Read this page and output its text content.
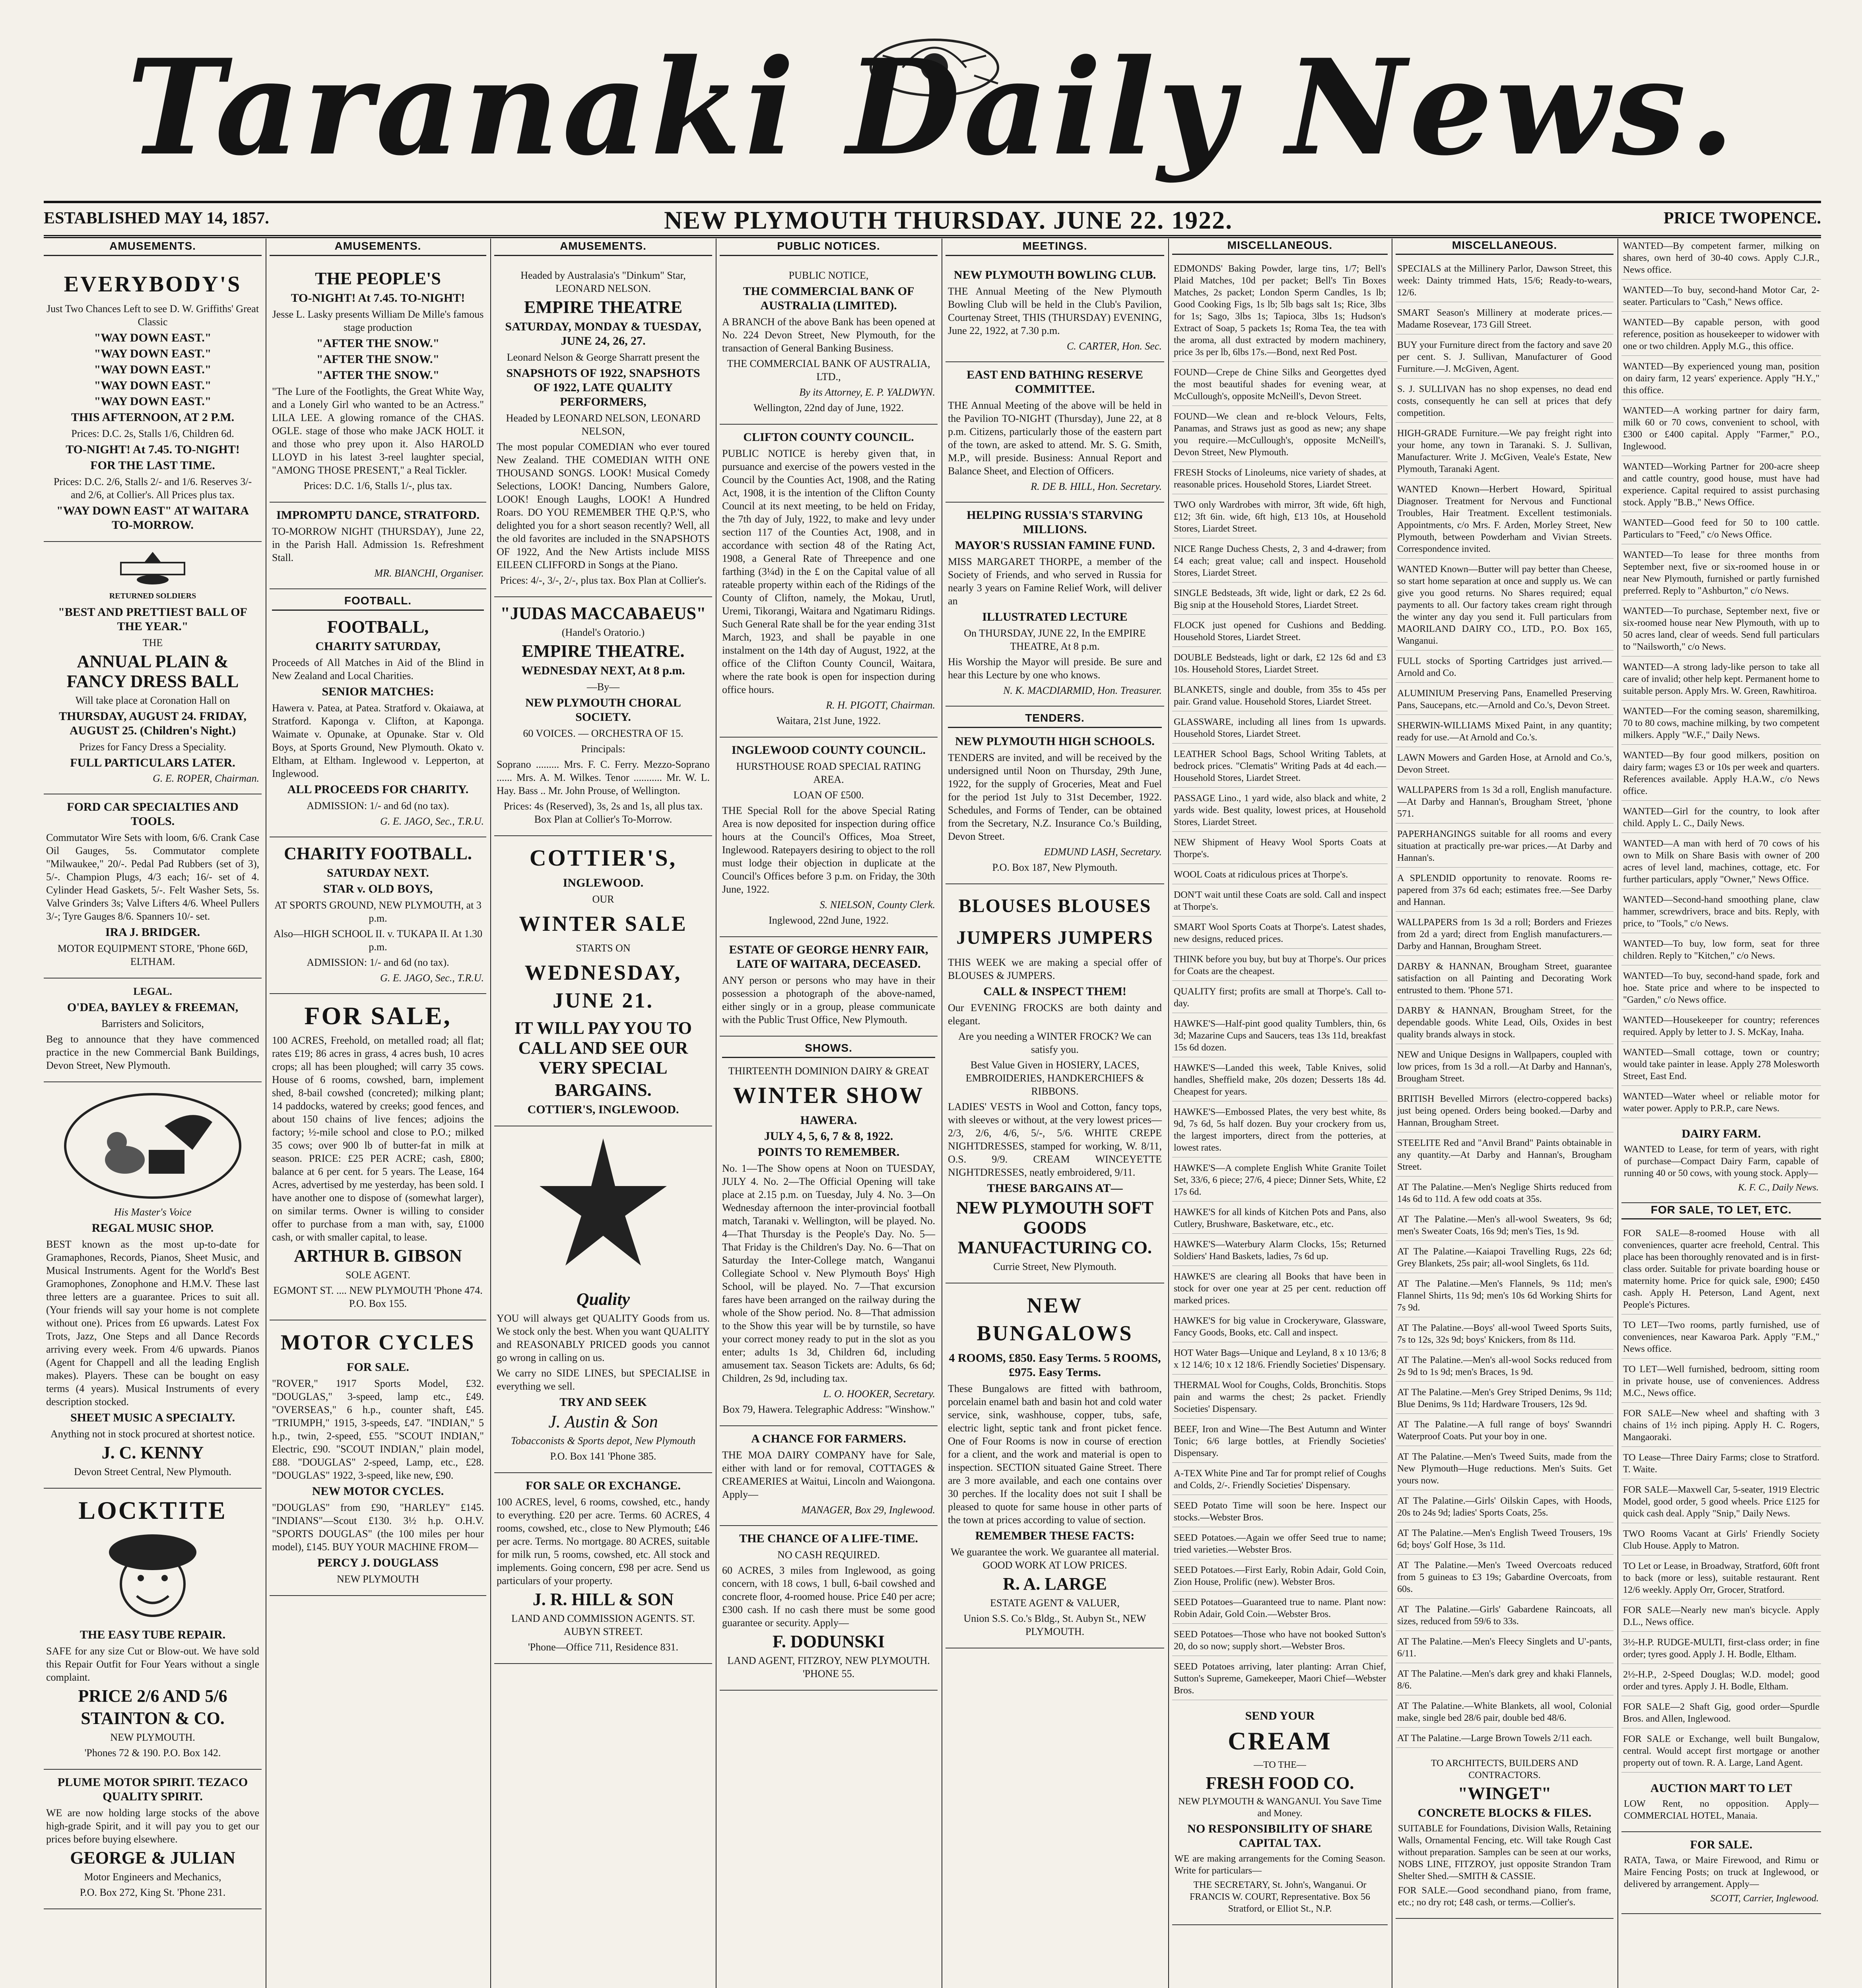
Taranaki Daily News.
ESTABLISHED MAY 14, 1857.	NEW PLYMOUTH THURSDAY. JUNE 22. 1922.	PRICE TWOPENCE.
AMUSEMENTS.
EVERYBODY'S
Just Two Chances Left to see D. W. Griffiths' Great Classic
"WAY DOWN EAST."
"WAY DOWN EAST."
"WAY DOWN EAST."
"WAY DOWN EAST."
"WAY DOWN EAST."
THIS AFTERNOON, AT 2 P.M.
Prices: D.C. 2s, Stalls 1/6, Children 6d.
TO-NIGHT! At 7.45. TO-NIGHT!
FOR THE LAST TIME.
Prices: D.C. 2/6, Stalls 2/- and 1/6. Reserves 3/- and 2/6, at Collier's. All Prices plus tax.
"WAY DOWN EAST" AT WAITARA TO-MORROW.
RETURNED SOLDIERS
"BEST AND PRETTIEST BALL OF THE YEAR."
THE
ANNUAL PLAIN & FANCY DRESS BALL
Will take place at Coronation Hall on
THURSDAY, AUGUST 24. FRIDAY, AUGUST 25. (Children's Night.)
Prizes for Fancy Dress a Speciality.
FULL PARTICULARS LATER.
G. E. ROPER, Chairman.
FORD CAR SPECIALTIES AND TOOLS.

Commutator Wire Sets with loom, 6/6. Crank Case Oil Gauges, 5s. Commutator complete "Milwaukee," 20/-. Pedal Pad Rubbers (set of 3), 5/-. Champion Plugs, 4/3 each; 16/- set of 4. Cylinder Head Gaskets, 5/-. Felt Washer Sets, 5s. Valve Grinders 3s; Valve Lifters 4/6. Wheel Pullers 3/-; Tyre Gauges 8/6. Spanners 10/- set.

IRA J. BRIDGER.
MOTOR EQUIPMENT STORE, 'Phone 66D, ELTHAM.
LEGAL.
O'DEA, BAYLEY & FREEMAN,
Barristers and Solicitors,

Beg to announce that they have commenced practice in the new Commercial Bank Buildings, Devon Street, New Plymouth.

His Master's Voice
REGAL MUSIC SHOP.

BEST known as the most up-to-date for Gramaphones, Records, Pianos, Sheet Music, and Musical Instruments. Agent for the World's Best Gramophones, Zonophone and H.M.V. These last three letters are a guarantee. Prices to suit all. (Your friends will say your home is not complete without one). Prices from £6 upwards. Latest Fox Trots, Jazz, One Steps and all Dance Records arriving every week. From 4/6 upwards. Pianos (Agent for Chappell and all the leading English makes). Players. These can be bought on easy terms (4 years). Musical Instruments of every description stocked.

SHEET MUSIC A SPECIALTY.
Anything not in stock procured at shortest notice.
J. C. KENNY
Devon Street Central, New Plymouth.
LOCKTITE
THE EASY TUBE REPAIR.

SAFE for any size Cut or Blow-out. We have sold this Repair Outfit for Four Years without a single complaint.

PRICE 2/6 AND 5/6
STAINTON & CO.
NEW PLYMOUTH.
'Phones 72 & 190. P.O. Box 142.
PLUME MOTOR SPIRIT. TEZACO QUALITY SPIRIT.

WE are now holding large stocks of the above high-grade Spirit, and it will pay you to get our prices before buying elsewhere.

GEORGE & JULIAN
Motor Engineers and Mechanics,
P.O. Box 272, King St. 'Phone 231.
AMUSEMENTS.
THE PEOPLE'S
TO-NIGHT! At 7.45. TO-NIGHT!
Jesse L. Lasky presents William De Mille's famous stage production
"AFTER THE SNOW."
"AFTER THE SNOW."
"AFTER THE SNOW."

"The Lure of the Footlights, the Great White Way, and a Lonely Girl who wanted to be an Actress." LILA LEE. A glowing romance of the CHAS. OGLE. stage of those who make JACK HOLT. it and those who prey upon it. Also HAROLD LLOYD in his latest 3-reel laughter special, "AMONG THOSE PRESENT," a Real Tickler.

Prices: D.C. 1/6, Stalls 1/-, plus tax.
IMPROMPTU DANCE, STRATFORD.

TO-MORROW NIGHT (THURSDAY), June 22, in the Parish Hall. Admission 1s. Refreshment Stall.

MR. BIANCHI, Organiser.
FOOTBALL.
FOOTBALL,
CHARITY SATURDAY,

Proceeds of All Matches in Aid of the Blind in New Zealand and Local Charities.

SENIOR MATCHES:

Hawera v. Patea, at Patea. Stratford v. Okaiawa, at Stratford. Kaponga v. Clifton, at Kaponga. Waimate v. Opunake, at Opunake. Star v. Old Boys, at Sports Ground, New Plymouth. Okato v. Eltham, at Eltham. Inglewood v. Lepperton, at Inglewood.

ALL PROCEEDS FOR CHARITY.
ADMISSION: 1/- and 6d (no tax).
G. E. JAGO, Sec., T.R.U.
CHARITY FOOTBALL.
SATURDAY NEXT.
STAR v. OLD BOYS,
AT SPORTS GROUND, NEW PLYMOUTH, at 3 p.m.
Also—HIGH SCHOOL II. v. TUKAPA II. At 1.30 p.m.
ADMISSION: 1/- and 6d (no tax).
G. E. JAGO, Sec., T.R.U.
FOR SALE,

100 ACRES, Freehold, on metalled road; all flat; rates £19; 86 acres in grass, 4 acres bush, 10 acres crops; all has been ploughed; will carry 35 cows. House of 6 rooms, cowshed, barn, implement shed, 8-bail cowshed (concreted); milking plant; 14 paddocks, watered by creeks; good fences, and about 150 chains of live fences; adjoins the factory; ½-mile school and close to P.O.; milked 35 cows; over 900 lb of butter-fat in milk at season. PRICE: £25 PER ACRE; cash, £800; balance at 6 per cent. for 5 years. The Lease, 164 Acres, advertised by me yesterday, has been sold. I have another one to dispose of (somewhat larger), on similar terms. Owner is willing to consider offer to purchase from a man with, say, £1000 cash, or with smaller capital, to lease.

ARTHUR B. GIBSON
SOLE AGENT.
EGMONT ST. .... NEW PLYMOUTH 'Phone 474. P.O. Box 155.
MOTOR CYCLES
FOR SALE.

"ROVER," 1917 Sports Model, £32. "DOUGLAS," 3-speed, lamp etc., £49. "OVERSEAS," 6 h.p., counter shaft, £45. "TRIUMPH," 1915, 3-speeds, £47. "INDIAN," 5 h.p., twin, 2-speed, £55. "SCOUT INDIAN," Electric, £90. "SCOUT INDIAN," plain model, £88. "DOUGLAS" 2-speed, Lamp, etc., £28. "DOUGLAS" 1922, 3-speed, like new, £90.

NEW MOTOR CYCLES.

"DOUGLAS" from £90, "HARLEY" £145. "INDIANS"—Scout £130. 3½ h.p. O.H.V. "SPORTS DOUGLAS" (the 100 miles per hour model), £145. BUY YOUR MACHINE FROM—

PERCY J. DOUGLASS
NEW PLYMOUTH
AMUSEMENTS.
Headed by Australasia's "Dinkum" Star, LEONARD NELSON.
EMPIRE THEATRE
SATURDAY, MONDAY & TUESDAY, JUNE 24, 26, 27.
Leonard Nelson & George Sharratt present the
SNAPSHOTS OF 1922, SNAPSHOTS OF 1922, LATE QUALITY PERFORMERS,
Headed by LEONARD NELSON, LEONARD NELSON,

The most popular COMEDIAN who ever toured New Zealand. THE COMEDIAN WITH ONE THOUSAND SONGS. LOOK! Musical Comedy Selections, LOOK! Dancing, Numbers Galore, LOOK! Enough Laughs, LOOK! A Hundred Roars. DO YOU REMEMBER THE Q.P.'S, who delighted you for a short season recently? Well, all the old favorites are included in the SNAPSHOTS OF 1922, And the New Artists include MISS EILEEN CLIFFORD in Songs at the Piano.

Prices: 4/-, 3/-, 2/-, plus tax. Box Plan at Collier's.
"JUDAS MACCABAEUS"
(Handel's Oratorio.)
EMPIRE THEATRE.
WEDNESDAY NEXT, At 8 p.m.
—By—
NEW PLYMOUTH CHORAL SOCIETY.
60 VOICES. — ORCHESTRA OF 15.
Principals:

Soprano ......... Mrs. F. C. Ferry. Mezzo-Soprano ...... Mrs. A. M. Wilkes. Tenor ........... Mr. W. L. Hay. Bass .. Mr. John Prouse, of Wellington.

Prices: 4s (Reserved), 3s, 2s and 1s, all plus tax. Box Plan at Collier's To-Morrow.
COTTIER'S,
INGLEWOOD.
OUR
WINTER SALE
STARTS ON
WEDNESDAY, JUNE 21.
IT WILL PAY YOU TO CALL AND SEE OUR VERY SPECIAL
BARGAINS.
COTTIER'S, INGLEWOOD.
Quality

YOU will always get QUALITY Goods from us. We stock only the best. When you want QUALITY and REASONABLY PRICED goods you cannot go wrong in calling on us.

We carry no SIDE LINES, but SPECIALISE in everything we sell.

TRY AND SEEK
J. Austin & Son
Tobacconists & Sports depot, New Plymouth
P.O. Box 141 'Phone 385.
FOR SALE OR EXCHANGE.

100 ACRES, level, 6 rooms, cowshed, etc., handy to everything. £20 per acre. Terms. 60 ACRES, 4 rooms, cowshed, etc., close to New Plymouth; £46 per acre. Terms. No mortgage. 80 ACRES, suitable for milk run, 5 rooms, cowshed, etc. All stock and implements. Going concern, £98 per acre. Send us particulars of your property.

J. R. HILL & SON
LAND AND COMMISSION AGENTS. ST. AUBYN STREET.
'Phone—Office 711, Residence 831.
PUBLIC NOTICES.
PUBLIC NOTICE,
THE COMMERCIAL BANK OF AUSTRALIA (LIMITED).

A BRANCH of the above Bank has been opened at No. 224 Devon Street, New Plymouth, for the transaction of General Banking Business.

THE COMMERCIAL BANK OF AUSTRALIA, LTD.,
By its Attorney, E. P. YALDWYN.
Wellington, 22nd day of June, 1922.
CLIFTON COUNTY COUNCIL.

PUBLIC NOTICE is hereby given that, in pursuance and exercise of the powers vested in the Council by the Counties Act, 1908, and the Rating Act, 1908, it is the intention of the Clifton County Council at its next meeting, to be held on Friday, the 7th day of July, 1922, to make and levy under section 117 of the Counties Act, 1908, and in accordance with section 48 of the Rating Act, 1908, a General Rate of Threepence and one farthing (3¼d) in the £ on the Capital value of all rateable property within each of the Ridings of the County of Clifton, namely, the Mokau, Urutl, Uremi, Tikorangi, Waitara and Ngatimaru Ridings. Such General Rate shall be for the year ending 31st March, 1923, and shall be payable in one instalment on the 14th day of August, 1922, at the office of the Clifton County Council, Waitara, where the rate book is open for inspection during office hours.

R. H. PIGOTT, Chairman.
Waitara, 21st June, 1922.
INGLEWOOD COUNTY COUNCIL.
HURSTHOUSE ROAD SPECIAL RATING AREA.
LOAN OF £500.

THE Special Roll for the above Special Rating Area is now deposited for inspection during office hours at the Council's Offices, Moa Street, Inglewood. Ratepayers desiring to object to the roll must lodge their objection in duplicate at the Council's Offices before 3 p.m. on Friday, the 30th June, 1922.

S. NIELSON, County Clerk.
Inglewood, 22nd June, 1922.
ESTATE OF GEORGE HENRY FAIR, LATE OF WAITARA, DECEASED.

ANY person or persons who may have in their possession a photograph of the above-named, either singly or in a group, please communicate with the Public Trust Office, New Plymouth.

SHOWS.
THIRTEENTH DOMINION DAIRY & GREAT
WINTER SHOW
HAWERA.
JULY 4, 5, 6, 7 & 8, 1922.
POINTS TO REMEMBER.

No. 1—The Show opens at Noon on TUESDAY, JULY 4. No. 2—The Official Opening will take place at 2.15 p.m. on Tuesday, July 4. No. 3—On Wednesday afternoon the inter-provincial football match, Taranaki v. Wellington, will be played. No. 4—That Thursday is the People's Day. No. 5—That Friday is the Children's Day. No. 6—That on Saturday the Inter-College match, Wanganui Collegiate School v. New Plymouth Boys' High School, will be played. No. 7—That excursion fares have been arranged on the railway during the whole of the Show period. No. 8—That admission to the Show this year will be by turnstile, so have your correct money ready to put in the slot as you enter; adults 1s 3d, Children 6d, including amusement tax. Season Tickets are: Adults, 6s 6d; Children, 2s 9d, including tax.

L. O. HOOKER, Secretary.
Box 79, Hawera. Telegraphic Address: "Winshow."
A CHANCE FOR FARMERS.

THE MOA DAIRY COMPANY have for Sale, either with land or for removal, COTTAGES & CREAMERIES at Waitui, Lincoln and Waiongona. Apply—

MANAGER, Box 29, Inglewood.
THE CHANCE OF A LIFE-TIME.
NO CASH REQUIRED.

60 ACRES, 3 miles from Inglewood, as going concern, with 18 cows, 1 bull, 6-bail cowshed and concrete floor, 4-roomed house. Price £40 per acre; £300 cash. If no cash there must be some good guarantee or security. Apply—

F. DODUNSKI
LAND AGENT, FITZROY, NEW PLYMOUTH. 'PHONE 55.
MEETINGS.
NEW PLYMOUTH BOWLING CLUB.

THE Annual Meeting of the New Plymouth Bowling Club will be held in the Club's Pavilion, Courtenay Street, THIS (THURSDAY) EVENING, June 22, 1922, at 7.30 p.m.

C. CARTER, Hon. Sec.
EAST END BATHING RESERVE COMMITTEE.

THE Annual Meeting of the above will be held in the Pavilion TO-NIGHT (Thursday), June 22, at 8 p.m. Citizens, particularly those of the eastern part of the town, are asked to attend. Mr. S. G. Smith, M.P., will preside. Business: Annual Report and Balance Sheet, and Election of Officers.

R. DE B. HILL, Hon. Secretary.
HELPING RUSSIA'S STARVING MILLIONS.
MAYOR'S RUSSIAN FAMINE FUND.

MISS MARGARET THORPE, a member of the Society of Friends, and who served in Russia for nearly 3 years on Famine Relief Work, will deliver an

ILLUSTRATED LECTURE
On THURSDAY, JUNE 22, In the EMPIRE THEATRE, At 8 p.m.

His Worship the Mayor will preside. Be sure and hear this Lecture by one who knows.

N. K. MACDIARMID, Hon. Treasurer.
TENDERS.
NEW PLYMOUTH HIGH SCHOOLS.

TENDERS are invited, and will be received by the undersigned until Noon on Thursday, 29th June, 1922, for the supply of Groceries, Meat and Fuel for the period 1st July to 31st December, 1922. Schedules, and Forms of Tender, can be obtained from the Secretary, N.Z. Insurance Co.'s Building, Devon Street.

EDMUND LASH, Secretary.
P.O. Box 187, New Plymouth.
BLOUSES BLOUSES
JUMPERS JUMPERS

THIS WEEK we are making a special offer of BLOUSES & JUMPERS.

CALL & INSPECT THEM!

Our EVENING FROCKS are both dainty and elegant.

Are you needing a WINTER FROCK? We can satisfy you.
Best Value Given in HOSIERY, LACES, EMBROIDERIES, HANDKERCHIEFS & RIBBONS.

LADIES' VESTS in Wool and Cotton, fancy tops, with sleeves or without, at the very lowest prices—2/3, 2/6, 4/6, 5/-, 5/6. WHITE CREPE NIGHTDRESSES, stamped for working, W. 8/11, O.S. 9/9. CREAM WINCEYETTE NIGHTDRESSES, neatly embroidered, 9/11.

THESE BARGAINS AT—
NEW PLYMOUTH SOFT GOODS MANUFACTURING CO.
Currie Street, New Plymouth.
NEW BUNGALOWS
4 ROOMS, £850. Easy Terms. 5 ROOMS, £975. Easy Terms.

These Bungalows are fitted with bathroom, porcelain enamel bath and basin hot and cold water service, sink, washhouse, copper, tubs, safe, electric light, septic tank and front picket fence. One of Four Rooms is now in course of erection for a client, and the work and material is open to inspection. SECTION situated Gaine Street. There are 3 more available, and each one contains over 30 perches. If the locality does not suit I shall be pleased to quote for same house in other parts of the town at prices according to value of section.

REMEMBER THESE FACTS:
We guarantee the work. We guarantee all material. GOOD WORK AT LOW PRICES.
R. A. LARGE
ESTATE AGENT & VALUER,
Union S.S. Co.'s Bldg., St. Aubyn St., NEW PLYMOUTH.
MISCELLANEOUS.
EDMONDS' Baking Powder, large tins, 1/7; Bell's Plaid Matches, 10d per packet; Bell's Tin Boxes Matches, 2s packet; London Sperm Candles, 1s lb; Good Cooking Figs, 1s lb; 5lb bags salt 1s; Rice, 3lbs for 1s; Sago, 3lbs 1s; Tapioca, 3lbs 1s; Hudson's Extract of Soap, 5 packets 1s; Roma Tea, the tea with the aroma, all dust extracted by modern machinery, price 3s per lb, 6lbs 17s.—Bond, next Red Post.
FOUND—Crepe de Chine Silks and Georgettes dyed the most beautiful shades for evening wear, at McCullough's, opposite McNeill's, Devon Street.
FOUND—We clean and re-block Velours, Felts, Panamas, and Straws just as good as new; any shape you require.—McCullough's, opposite McNeill's, Devon Street, New Plymouth.
FRESH Stocks of Linoleums, nice variety of shades, at reasonable prices. Household Stores, Liardet Street.
TWO only Wardrobes with mirror, 3ft wide, 6ft high, £12; 3ft 6in. wide, 6ft high, £13 10s, at Household Stores, Liardet Street.
NICE Range Duchess Chests, 2, 3 and 4-drawer; from £4 each; great value; call and inspect. Household Stores, Liardet Street.
SINGLE Bedsteads, 3ft wide, light or dark, £2 2s 6d. Big snip at the Household Stores, Liardet Street.
FLOCK just opened for Cushions and Bedding. Household Stores, Liardet Street.
DOUBLE Bedsteads, light or dark, £2 12s 6d and £3 10s. Household Stores, Liardet Street.
BLANKETS, single and double, from 35s to 45s per pair. Grand value. Household Stores, Liardet Street.
GLASSWARE, including all lines from 1s upwards. Household Stores, Liardet Street.
LEATHER School Bags, School Writing Tablets, at bedrock prices. "Clematis" Writing Pads at 4d each.—Household Stores, Liardet Street.
PASSAGE Lino., 1 yard wide, also black and white, 2 yards wide. Best quality, lowest prices, at Household Stores, Liardet Street.
NEW Shipment of Heavy Wool Sports Coats at Thorpe's.
WOOL Coats at ridiculous prices at Thorpe's.
DON'T wait until these Coats are sold. Call and inspect at Thorpe's.
SMART Wool Sports Coats at Thorpe's. Latest shades, new designs, reduced prices.
THINK before you buy, but buy at Thorpe's. Our prices for Coats are the cheapest.
QUALITY first; profits are small at Thorpe's. Call to-day.
HAWKE'S—Half-pint good quality Tumblers, thin, 6s 3d; Mazarine Cups and Saucers, teas 13s 11d, breakfast 15s 6d dozen.
HAWKE'S—Landed this week, Table Knives, solid handles, Sheffield make, 20s dozen; Desserts 18s 4d. Cheapest for years.
HAWKE'S—Embossed Plates, the very best white, 8s 9d, 7s 6d, 5s half dozen. Buy your crockery from us, the largest importers, direct from the potteries, at lowest rates.
HAWKE'S—A complete English White Granite Toilet Set, 33/6, 6 piece; 27/6, 4 piece; Dinner Sets, White, £2 17s 6d.
HAWKE'S for all kinds of Kitchen Pots and Pans, also Cutlery, Brushware, Basketware, etc., etc.
HAWKE'S—Waterbury Alarm Clocks, 15s; Returned Soldiers' Hand Baskets, ladies, 7s 6d up.
HAWKE'S are clearing all Books that have been in stock for over one year at 25 per cent. reduction off marked prices.
HAWKE'S for big value in Crockeryware, Glassware, Fancy Goods, Books, etc. Call and inspect.
HOT Water Bags—Unique and Leyland, 8 x 10 13/6; 8 x 12 14/6; 10 x 12 18/6. Friendly Societies' Dispensary.
THERMAL Wool for Coughs, Colds, Bronchitis. Stops pain and warms the chest; 2s packet. Friendly Societies' Dispensary.
BEEF, Iron and Wine—The Best Autumn and Winter Tonic; 6/6 large bottles, at Friendly Societies' Dispensary.
A-TEX White Pine and Tar for prompt relief of Coughs and Colds, 2/-. Friendly Societies' Dispensary.
SEED Potato Time will soon be here. Inspect our stocks.—Webster Bros.
SEED Potatoes.—Again we offer Seed true to name; tried varieties.—Webster Bros.
SEED Potatoes.—First Early, Robin Adair, Gold Coin, Zion House, Prolific (new). Webster Bros.
SEED Potatoes—Guaranteed true to name. Plant now: Robin Adair, Gold Coin.—Webster Bros.
SEED Potatoes—Those who have not booked Sutton's 20, do so now; supply short.—Webster Bros.
SEED Potatoes arriving, later planting: Arran Chief, Sutton's Supreme, Gamekeeper, Maori Chief—Webster Bros.
SEND YOUR
CREAM
—TO THE—
FRESH FOOD CO.
NEW PLYMOUTH & WANGANUI. You Save Time and Money.
NO RESPONSIBILITY OF SHARE CAPITAL TAX.

WE are making arrangements for the Coming Season. Write for particulars—

THE SECRETARY, St. John's, Wanganui. Or FRANCIS W. COURT, Representative. Box 56 Stratford, or Elliot St., N.P.
MISCELLANEOUS.
SPECIALS at the Millinery Parlor, Dawson Street, this week: Dainty trimmed Hats, 15/6; Ready-to-wears, 12/6.
SMART Season's Millinery at moderate prices.—Madame Rosevear, 173 Gill Street.
BUY your Furniture direct from the factory and save 20 per cent. S. J. Sullivan, Manufacturer of Good Furniture.—J. McGiven, Agent.
S. J. SULLIVAN has no shop expenses, no dead end costs, consequently he can sell at prices that defy competition.
HIGH-GRADE Furniture.—We pay freight right into your home, any town in Taranaki. S. J. Sullivan, Manufacturer. Write J. McGiven, Veale's Estate, New Plymouth, Taranaki Agent.
WANTED Known—Herbert Howard, Spiritual Diagnoser. Treatment for Nervous and Functional Troubles, Hair Treatment. Excellent testimonials. Appointments, c/o Mrs. F. Arden, Morley Street, New Plymouth, between Powderham and Vivian Streets. Correspondence invited.
WANTED Known—Butter will pay better than Cheese, so start home separation at once and supply us. We can give you good returns. No Shares required; equal payments to all. Our factory takes cream right through the winter any day you send it. Full particulars from MAORILAND DAIRY CO., LTD., P.O. Box 165, Wanganui.
FULL stocks of Sporting Cartridges just arrived.—Arnold and Co.
ALUMINIUM Preserving Pans, Enamelled Preserving Pans, Saucepans, etc.—Arnold and Co.'s, Devon Street.
SHERWIN-WILLIAMS Mixed Paint, in any quantity; ready for use.—At Arnold and Co.'s.
LAWN Mowers and Garden Hose, at Arnold and Co.'s, Devon Street.
WALLPAPERS from 1s 3d a roll, English manufacture.—At Darby and Hannan's, Brougham Street, 'phone 571.
PAPERHANGINGS suitable for all rooms and every situation at practically pre-war prices.—At Darby and Hannan's.
A SPLENDID opportunity to renovate. Rooms re-papered from 37s 6d each; estimates free.—See Darby and Hannan.
WALLPAPERS from 1s 3d a roll; Borders and Friezes from 2d a yard; direct from English manufacturers.—Darby and Hannan, Brougham Street.
DARBY & HANNAN, Brougham Street, guarantee satisfaction on all Painting and Decorating Work entrusted to them. 'Phone 571.
DARBY & HANNAN, Brougham Street, for the dependable goods. White Lead, Oils, Oxides in best quality brands always in stock.
NEW and Unique Designs in Wallpapers, coupled with low prices, from 1s 3d a roll.—At Darby and Hannan's, Brougham Street.
BRITISH Bevelled Mirrors (electro-coppered backs) just being opened. Orders being booked.—Darby and Hannan, Brougham Street.
STEELITE Red and "Anvil Brand" Paints obtainable in any quantity.—At Darby and Hannan's, Brougham Street.
AT The Palatine.—Men's Neglige Shirts reduced from 14s 6d to 11d. A few odd coats at 35s.
AT The Palatine.—Men's all-wool Sweaters, 9s 6d; men's Sweater Coats, 16s 9d; men's Ties, 1s 9d.
AT The Palatine.—Kaiapoi Travelling Rugs, 22s 6d; Grey Blankets, 25s pair; all-wool Singlets, 6s 11d.
AT The Palatine.—Men's Flannels, 9s 11d; men's Flannel Shirts, 11s 9d; men's 10s 6d Working Shirts for 7s 9d.
AT The Palatine.—Boys' all-wool Tweed Sports Suits, 7s to 12s, 32s 9d; boys' Knickers, from 8s 11d.
AT The Palatine.—Men's all-wool Socks reduced from 2s 9d to 1s 9d; men's Braces, 1s 9d.
AT The Palatine.—Men's Grey Striped Denims, 9s 11d; Blue Denims, 9s 11d; Hardware Trousers, 12s 9d.
AT The Palatine.—A full range of boys' Swanndri Waterproof Coats. Put your boy in one.
AT The Palatine.—Men's Tweed Suits, made from the New Plymouth—Huge reductions. Men's Suits. Get yours now.
AT The Palatine.—Girls' Oilskin Capes, with Hoods, 20s to 24s 9d; ladies' Sports Coats, 25s.
AT The Palatine.—Men's English Tweed Trousers, 19s 6d; boys' Golf Hose, 3s 11d.
AT The Palatine.—Men's Tweed Overcoats reduced from 5 guineas to £3 19s; Gabardine Overcoats, from 60s.
AT The Palatine.—Girls' Gabardene Raincoats, all sizes, reduced from 59/6 to 33s.
AT The Palatine.—Men's Fleecy Singlets and U'-pants, 6/11.
AT The Palatine.—Men's dark grey and khaki Flannels, 8/6.
AT The Palatine.—White Blankets, all wool, Colonial make, single bed 28/6 pair, double bed 48/6.
AT The Palatine.—Large Brown Towels 2/11 each.
TO ARCHITECTS, BUILDERS AND CONTRACTORS.
"WINGET"
CONCRETE BLOCKS & FILES.

SUITABLE for Foundations, Division Walls, Retaining Walls, Ornamental Fencing, etc. Will take Rough Cast without preparation. Samples can be seen at our works, NOBS LINE, FITZROY, just opposite Strandon Tram Shelter Shed.—SMITH & CASSIE.

FOR SALE.—Good secondhand piano, from frame, etc.; no dry rot; £48 cash, or terms.—Collier's.

WANTED—By competent farmer, milking on shares, own herd of 30-40 cows. Apply C.J.R., News office.
WANTED—To buy, second-hand Motor Car, 2-seater. Particulars to "Cash," News office.
WANTED—By capable person, with good reference, position as housekeeper to widower with one or two children. Apply M.G., this office.
WANTED—By experienced young man, position on dairy farm, 12 years' experience. Apply "H.Y.," this office.
WANTED—A working partner for dairy farm, milk 60 or 70 cows, convenient to school, with £300 or £400 capital. Apply "Farmer," P.O., Inglewood.
WANTED—Working Partner for 200-acre sheep and cattle country, good house, must have had experience. Capital required to assist purchasing stock. Apply "B.B.," News Office.
WANTED—Good feed for 50 to 100 cattle. Particulars to "Feed," c/o News Office.
WANTED—To lease for three months from September next, five or six-roomed house in or near New Plymouth, furnished or partly furnished preferred. Reply to "Ashburton," c/o News.
WANTED—To purchase, September next, five or six-roomed house near New Plymouth, with up to 50 acres land, clear of weeds. Send full particulars to "Nailsworth," c/o News.
WANTED—A strong lady-like person to take all care of invalid; other help kept. Permanent home to suitable person. Apply Mrs. W. Green, Rawhitiroa.
WANTED—For the coming season, sharemilking, 70 to 80 cows, machine milking, by two competent milkers. Apply "W.F.," Daily News.
WANTED—By four good milkers, position on dairy farm; wages £3 or 10s per week and quarters. References available. Apply H.A.W., c/o News office.
WANTED—Girl for the country, to look after child. Apply L. C., Daily News.
WANTED—A man with herd of 70 cows of his own to Milk on Share Basis with owner of 200 acres of level land, machines, cottage, etc. For further particulars, apply "Owner," News Office.
WANTED—Second-hand smoothing plane, claw hammer, screwdrivers, brace and bits. Reply, with price, to "Tools," c/o News.
WANTED—To buy, low form, seat for three children. Reply to "Kitchen," c/o News.
WANTED—To buy, second-hand spade, fork and hoe. State price and where to be inspected to "Garden," c/o News office.
WANTED—Housekeeper for country; references required. Apply by letter to J. S. McKay, Inaha.
WANTED—Small cottage, town or country; would take painter in lease. Apply 278 Molesworth Street, East End.
WANTED—Water wheel or reliable motor for water power. Apply to P.R.P., care News.
DAIRY FARM.

WANTED to Lease, for term of years, with right of purchase—Compact Dairy Farm, capable of running 40 or 50 cows, with young stock. Apply—

K. F. C., Daily News.
FOR SALE, TO LET, ETC.
FOR SALE—8-roomed House with all conveniences, quarter acre freehold, Central. This place has been thoroughly renovated and is in first-class order. Suitable for private boarding house or maternity home. Price for quick sale, £900; £450 cash. Apply H. Peterson, Land Agent, next People's Pictures.
TO LET—Two rooms, partly furnished, use of conveniences, near Kawaroa Park. Apply "F.M.," News office.
TO LET—Well furnished, bedroom, sitting room in private house, use of conveniences. Address M.C., News office.
FOR SALE—New wheel and shafting with 3 chains of 1½ inch piping. Apply H. C. Rogers, Mangaoraki.
TO Lease—Three Dairy Farms; close to Stratford. T. Waite.
FOR SALE—Maxwell Car, 5-seater, 1919 Electric Model, good order, 5 good wheels. Price £125 for quick cash deal. Apply "Snip," Daily News.
TWO Rooms Vacant at Girls' Friendly Society Club House. Apply to Matron.
TO Let or Lease, in Broadway, Stratford, 60ft front to back (more or less), suitable restaurant. Rent 12/6 weekly. Apply Orr, Grocer, Stratford.
FOR SALE—Nearly new man's bicycle. Apply D.L., News office.
3½-H.P. RUDGE-MULTI, first-class order; in fine order; tyres good. Apply J. H. Bodle, Eltham.
2½-H.P., 2-Speed Douglas; W.D. model; good order and tyres. Apply J. H. Bodle, Eltham.
FOR SALE—2 Shaft Gig, good order—Spurdle Bros. and Allen, Inglewood.
FOR SALE or Exchange, well built Bungalow, central. Would accept first mortgage or another property out of town. R. A. Large, Land Agent.
AUCTION MART TO LET

LOW Rent, no opposition. Apply— COMMERCIAL HOTEL, Manaia.

FOR SALE.

RATA, Tawa, or Maire Firewood, and Rimu or Maire Fencing Posts; on truck at Inglewood, or delivered by arrangement. Apply—

SCOTT, Carrier, Inglewood.
